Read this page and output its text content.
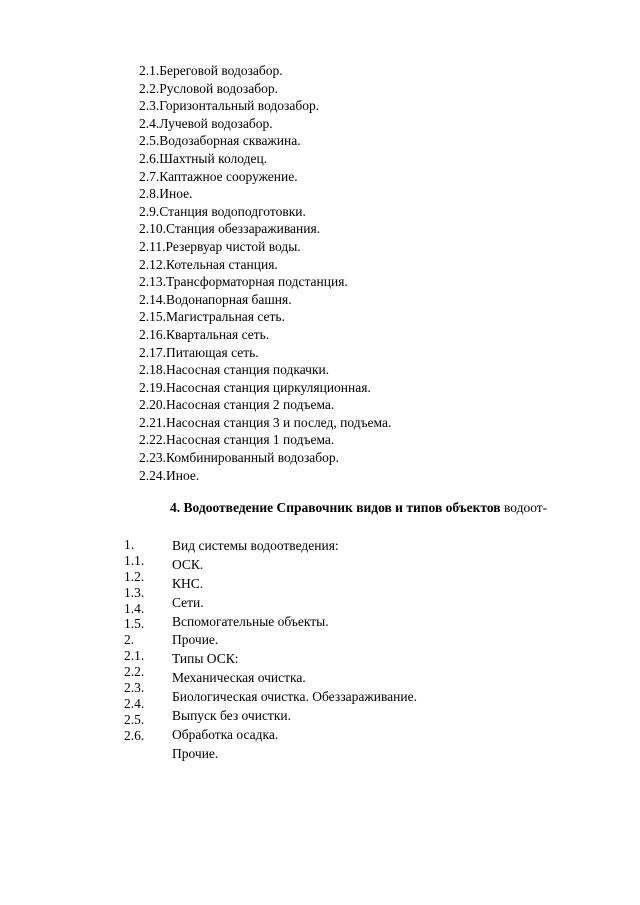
2.1.Береговой водозабор.
2.2.Русловой водозабор.
2.3.Горизонтальный водозабор.
2.4.Лучевой водозабор.
2.5.Водозаборная скважина.
2.6.Шахтный колодец.
2.7.Каптажное сооружение.
2.8.Иное.
2.9.Станция водоподготовки.
2.10.Станция обеззараживания.
2.11.Резервуар чистой воды.
2.12.Котельная станция.
2.13.Трансформаторная подстанция.
2.14.Водонапорная башня.
2.15.Магистральная сеть.
2.16.Квартальная сеть.
2.17.Питающая сеть.
2.18.Насосная станция подкачки.
2.19.Насосная станция циркуляционная.
2.20.Насосная станция 2 подъема.
2.21.Насосная станция 3 и послед, подъема.
2.22.Насосная станция 1 подъема.
2.23.Комбинированный водозабор.
2.24.Иное.
4. Водоотведение Справочник видов и типов объектов водоот-
1.
1.1.
1.2.
1.3.
1.4.
1.5.
2.
2.1.
2.2.
2.3.
2.4.
2.5.
2.6.
Вид системы водоотведения:
ОСК.
КНС.
Сети.
Вспомогательные объекты.
Прочие.
Типы ОСК:
Механическая очистка.
Биологическая очистка. Обеззараживание.
Выпуск без очистки.
Обработка осадка.
Прочие.
